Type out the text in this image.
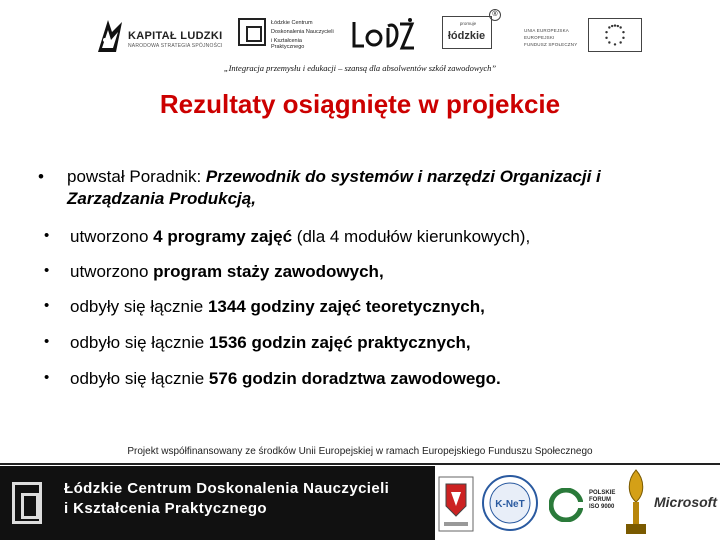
KAPITAŁ LUDZKI
NARODOWA STRATEGIA SPÓJNOŚCI
Łódzkie Centrum
Doskonalenia Nauczycieli
i Kształcenia Praktycznego
promuje
łódzkie
®
UNIA EUROPEJSKA
EUROPEJSKI
FUNDUSZ SPOŁECZNY
„Integracja przemysłu i edukacji – szansą dla absolwentów szkół zawodowych”
Rezultaty osiągnięte w projekcie
• powstał Poradnik: Przewodnik do systemów i narzędzi Organizacji i Zarządzania Produkcją,
• utworzono 4 programy zajęć (dla 4 modułów kierunkowych),
• utworzono program staży zawodowych,
• odbyły się łącznie 1344 godziny zajęć teoretycznych,
• odbyło się łącznie 1536 godzin zajęć praktycznych,
• odbyło się łącznie 576 godzin doradztwa zawodowego.
Projekt współfinansowany ze środków Unii Europejskiej w ramach Europejskiego Funduszu Społecznego
Łódzkie Centrum Doskonalenia Nauczycieli
i Kształcenia Praktycznego	K-NeT
POLSKIE
FORUM
ISO 9000	Microsoft
